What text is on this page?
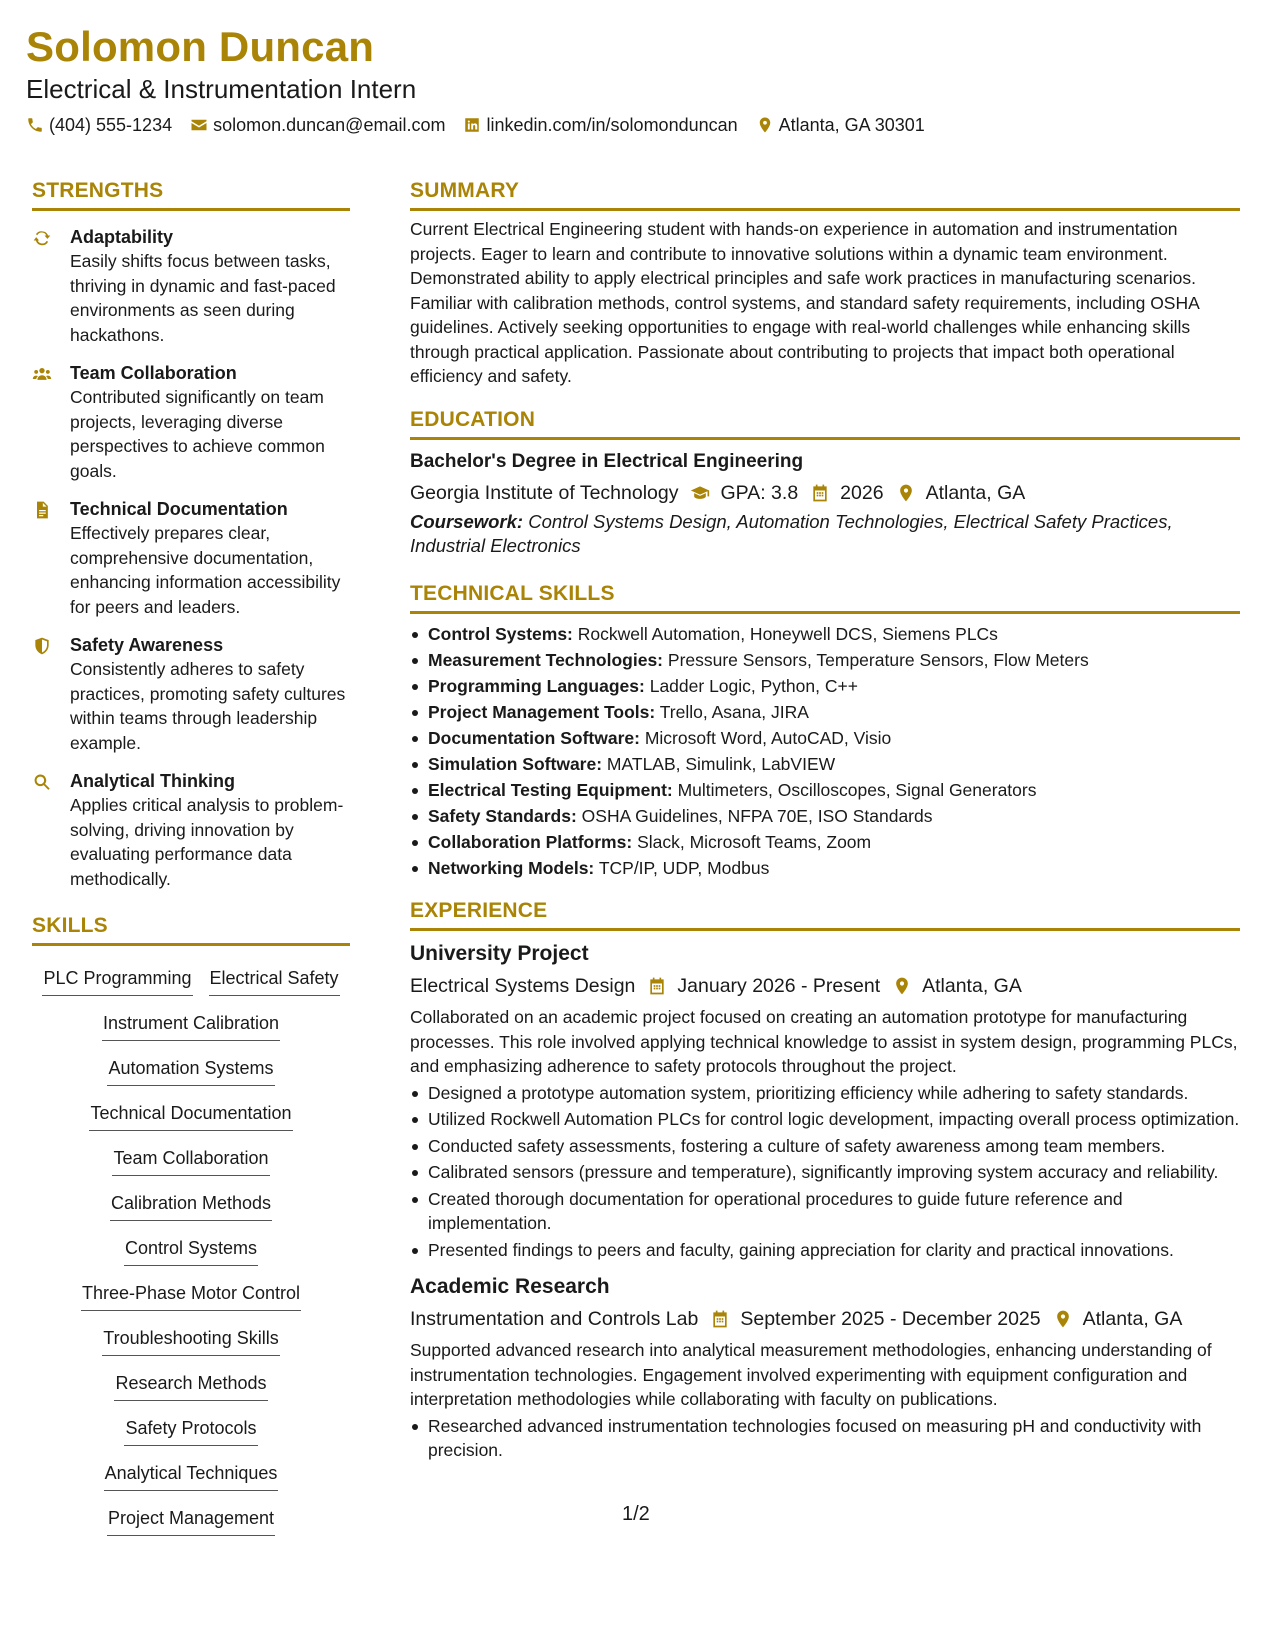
Solomon Duncan
Electrical & Instrumentation Intern
(404) 555-1234 solomon.duncan@email.com linkedin.com/in/solomonduncan Atlanta, GA 30301
STRENGTHS
Adaptability
Easily shifts focus between tasks, thriving in dynamic and fast-paced environments as seen during hackathons.
Team Collaboration
Contributed significantly on team projects, leveraging diverse perspectives to achieve common goals.
Technical Documentation
Effectively prepares clear, comprehensive documentation, enhancing information accessibility for peers and leaders.
Safety Awareness
Consistently adheres to safety practices, promoting safety cultures within teams through leadership example.
Analytical Thinking
Applies critical analysis to problem-solving, driving innovation by evaluating performance data methodically.
SKILLS
PLC Programming Electrical Safety
Instrument Calibration
Automation Systems
Technical Documentation
Team Collaboration
Calibration Methods
Control Systems
Three-Phase Motor Control
Troubleshooting Skills
Research Methods
Safety Protocols
Analytical Techniques
Project Management
SUMMARY
Current Electrical Engineering student with hands-on experience in automation and instrumentation projects. Eager to learn and contribute to innovative solutions within a dynamic team environment. Demonstrated ability to apply electrical principles and safe work practices in manufacturing scenarios. Familiar with calibration methods, control systems, and standard safety requirements, including OSHA guidelines. Actively seeking opportunities to engage with real-world challenges while enhancing skills through practical application. Passionate about contributing to projects that impact both operational efficiency and safety.
EDUCATION
Bachelor's Degree in Electrical Engineering
Georgia Institute of Technology GPA: 3.8 2026 Atlanta, GA
Coursework: Control Systems Design, Automation Technologies, Electrical Safety Practices, Industrial Electronics
TECHNICAL SKILLS
Control Systems: Rockwell Automation, Honeywell DCS, Siemens PLCs
Measurement Technologies: Pressure Sensors, Temperature Sensors, Flow Meters
Programming Languages: Ladder Logic, Python, C++
Project Management Tools: Trello, Asana, JIRA
Documentation Software: Microsoft Word, AutoCAD, Visio
Simulation Software: MATLAB, Simulink, LabVIEW
Electrical Testing Equipment: Multimeters, Oscilloscopes, Signal Generators
Safety Standards: OSHA Guidelines, NFPA 70E, ISO Standards
Collaboration Platforms: Slack, Microsoft Teams, Zoom
Networking Models: TCP/IP, UDP, Modbus
EXPERIENCE
University Project
Electrical Systems Design January 2026 - Present Atlanta, GA
Collaborated on an academic project focused on creating an automation prototype for manufacturing processes. This role involved applying technical knowledge to assist in system design, programming PLCs, and emphasizing adherence to safety protocols throughout the project.
Designed a prototype automation system, prioritizing efficiency while adhering to safety standards.
Utilized Rockwell Automation PLCs for control logic development, impacting overall process optimization.
Conducted safety assessments, fostering a culture of safety awareness among team members.
Calibrated sensors (pressure and temperature), significantly improving system accuracy and reliability.
Created thorough documentation for operational procedures to guide future reference and implementation.
Presented findings to peers and faculty, gaining appreciation for clarity and practical innovations.
Academic Research
Instrumentation and Controls Lab September 2025 - December 2025 Atlanta, GA
Supported advanced research into analytical measurement methodologies, enhancing understanding of instrumentation technologies. Engagement involved experimenting with equipment configuration and interpretation methodologies while collaborating with faculty on publications.
Researched advanced instrumentation technologies focused on measuring pH and conductivity with precision.
1/2
